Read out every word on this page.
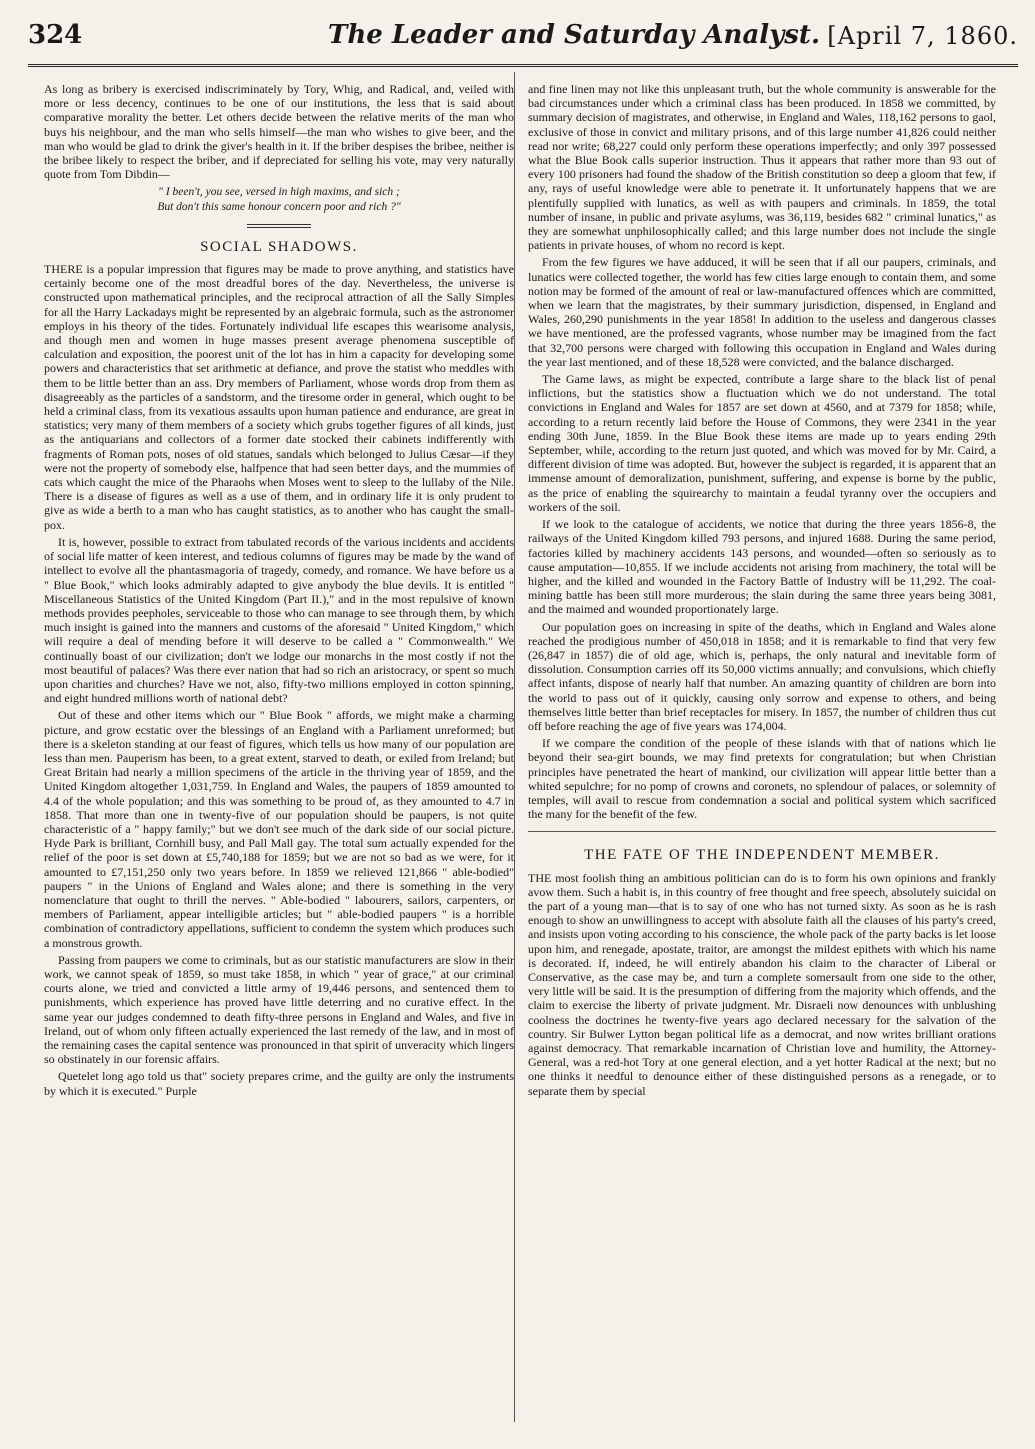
324	The Leader and Saturday Analyst. [April 7, 1860.

As long as bribery is exercised indiscriminately by Tory, Whig, and Radical, and, veiled with more or less decency, continues to be one of our institutions, the less that is said about comparative morality the better. Let others decide between the relative merits of the man who buys his neighbour, and the man who sells himself—the man who wishes to give beer, and the man who would be glad to drink the giver's health in it. If the briber despises the bribee, neither is the bribee likely to respect the briber, and if depreciated for selling his vote, may very naturally quote from Tom Dibdin—

" I been't, you see, versed in high maxims, and sich ;
But don't this same honour concern poor and rich ?"
SOCIAL SHADOWS.

THERE is a popular impression that figures may be made to prove anything, and statistics have certainly become one of the most dreadful bores of the day. Nevertheless, the universe is constructed upon mathematical principles, and the reciprocal attraction of all the Sally Simples for all the Harry Lackadays might be represented by an algebraic formula, such as the astronomer employs in his theory of the tides. Fortunately individual life escapes this wearisome analysis, and though men and women in huge masses present average phenomena susceptible of calculation and exposition, the poorest unit of the lot has in him a capacity for developing some powers and characteristics that set arithmetic at defiance, and prove the statist who meddles with them to be little better than an ass. Dry members of Parliament, whose words drop from them as disagreeably as the particles of a sandstorm, and the tiresome order in general, which ought to be held a criminal class, from its vexatious assaults upon human patience and endurance, are great in statistics; very many of them members of a society which grubs together figures of all kinds, just as the antiquarians and collectors of a former date stocked their cabinets indifferently with fragments of Roman pots, noses of old statues, sandals which belonged to Julius Cæsar—if they were not the property of somebody else, halfpence that had seen better days, and the mummies of cats which caught the mice of the Pharaohs when Moses went to sleep to the lullaby of the Nile. There is a disease of figures as well as a use of them, and in ordinary life it is only prudent to give as wide a berth to a man who has caught statistics, as to another who has caught the small-pox.

It is, however, possible to extract from tabulated records of the various incidents and accidents of social life matter of keen interest, and tedious columns of figures may be made by the wand of intellect to evolve all the phantasmagoria of tragedy, comedy, and romance. We have before us a " Blue Book," which looks admirably adapted to give anybody the blue devils. It is entitled " Miscellaneous Statistics of the United Kingdom (Part II.)," and in the most repulsive of known methods provides peepholes, serviceable to those who can manage to see through them, by which much insight is gained into the manners and customs of the aforesaid " United Kingdom," which will require a deal of mending before it will deserve to be called a " Commonwealth." We continually boast of our civilization; don't we lodge our monarchs in the most costly if not the most beautiful of palaces? Was there ever nation that had so rich an aristocracy, or spent so much upon charities and churches? Have we not, also, fifty-two millions employed in cotton spinning, and eight hundred millions worth of national debt?

Out of these and other items which our " Blue Book " affords, we might make a charming picture, and grow ecstatic over the blessings of an England with a Parliament unreformed; but there is a skeleton standing at our feast of figures, which tells us how many of our population are less than men. Pauperism has been, to a great extent, starved to death, or exiled from Ireland; but Great Britain had nearly a million specimens of the article in the thriving year of 1859, and the United Kingdom altogether 1,031,759. In England and Wales, the paupers of 1859 amounted to 4.4 of the whole population; and this was something to be proud of, as they amounted to 4.7 in 1858. That more than one in twenty-five of our population should be paupers, is not quite characteristic of a " happy family;" but we don't see much of the dark side of our social picture. Hyde Park is brilliant, Cornhill busy, and Pall Mall gay. The total sum actually expended for the relief of the poor is set down at £5,740,188 for 1859; but we are not so bad as we were, for it amounted to £7,151,250 only two years before. In 1859 we relieved 121,866 " able-bodied" paupers " in the Unions of England and Wales alone; and there is something in the very nomenclature that ought to thrill the nerves. " Able-bodied " labourers, sailors, carpenters, or members of Parliament, appear intelligible articles; but " able-bodied paupers " is a horrible combination of contradictory appellations, sufficient to condemn the system which produces such a monstrous growth.

Passing from paupers we come to criminals, but as our statistic manufacturers are slow in their work, we cannot speak of 1859, so must take 1858, in which " year of grace," at our criminal courts alone, we tried and convicted a little army of 19,446 persons, and sentenced them to punishments, which experience has proved have little deterring and no curative effect. In the same year our judges condemned to death fifty-three persons in England and Wales, and five in Ireland, out of whom only fifteen actually experienced the last remedy of the law, and in most of the remaining cases the capital sentence was pronounced in that spirit of unveracity which lingers so obstinately in our forensic affairs.

Quetelet long ago told us that" society prepares crime, and the guilty are only the instruments by which it is executed." Purple

and fine linen may not like this unpleasant truth, but the whole community is answerable for the bad circumstances under which a criminal class has been produced. In 1858 we committed, by summary decision of magistrates, and otherwise, in England and Wales, 118,162 persons to gaol, exclusive of those in convict and military prisons, and of this large number 41,826 could neither read nor write; 68,227 could only perform these operations imperfectly; and only 397 possessed what the Blue Book calls superior instruction. Thus it appears that rather more than 93 out of every 100 prisoners had found the shadow of the British constitution so deep a gloom that few, if any, rays of useful knowledge were able to penetrate it. It unfortunately happens that we are plentifully supplied with lunatics, as well as with paupers and criminals. In 1859, the total number of insane, in public and private asylums, was 36,119, besides 682 " criminal lunatics," as they are somewhat unphilosophically called; and this large number does not include the single patients in private houses, of whom no record is kept.

From the few figures we have adduced, it will be seen that if all our paupers, criminals, and lunatics were collected together, the world has few cities large enough to contain them, and some notion may be formed of the amount of real or law-manufactured offences which are committed, when we learn that the magistrates, by their summary jurisdiction, dispensed, in England and Wales, 260,290 punishments in the year 1858! In addition to the useless and dangerous classes we have mentioned, are the professed vagrants, whose number may be imagined from the fact that 32,700 persons were charged with following this occupation in England and Wales during the year last mentioned, and of these 18,528 were convicted, and the balance discharged.

The Game laws, as might be expected, contribute a large share to the black list of penal inflictions, but the statistics show a fluctuation which we do not understand. The total convictions in England and Wales for 1857 are set down at 4560, and at 7379 for 1858; while, according to a return recently laid before the House of Commons, they were 2341 in the year ending 30th June, 1859. In the Blue Book these items are made up to years ending 29th September, while, according to the return just quoted, and which was moved for by Mr. Caird, a different division of time was adopted. But, however the subject is regarded, it is apparent that an immense amount of demoralization, punishment, suffering, and expense is borne by the public, as the price of enabling the squirearchy to maintain a feudal tyranny over the occupiers and workers of the soil.

If we look to the catalogue of accidents, we notice that during the three years 1856-8, the railways of the United Kingdom killed 793 persons, and injured 1688. During the same period, factories killed by machinery accidents 143 persons, and wounded—often so seriously as to cause amputation—10,855. If we include accidents not arising from machinery, the total will be higher, and the killed and wounded in the Factory Battle of Industry will be 11,292. The coal-mining battle has been still more murderous; the slain during the same three years being 3081, and the maimed and wounded proportionately large.

Our population goes on increasing in spite of the deaths, which in England and Wales alone reached the prodigious number of 450,018 in 1858; and it is remarkable to find that very few (26,847 in 1857) die of old age, which is, perhaps, the only natural and inevitable form of dissolution. Consumption carries off its 50,000 victims annually; and convulsions, which chiefly affect infants, dispose of nearly half that number. An amazing quantity of children are born into the world to pass out of it quickly, causing only sorrow and expense to others, and being themselves little better than brief receptacles for misery. In 1857, the number of children thus cut off before reaching the age of five years was 174,004.

If we compare the condition of the people of these islands with that of nations which lie beyond their sea-girt bounds, we may find pretexts for congratulation; but when Christian principles have penetrated the heart of mankind, our civilization will appear little better than a whited sepulchre; for no pomp of crowns and coronets, no splendour of palaces, or solemnity of temples, will avail to rescue from condemnation a social and political system which sacrificed the many for the benefit of the few.

THE FATE OF THE INDEPENDENT MEMBER.

THE most foolish thing an ambitious politician can do is to form his own opinions and frankly avow them. Such a habit is, in this country of free thought and free speech, absolutely suicidal on the part of a young man—that is to say of one who has not turned sixty. As soon as he is rash enough to show an unwillingness to accept with absolute faith all the clauses of his party's creed, and insists upon voting according to his conscience, the whole pack of the party backs is let loose upon him, and renegade, apostate, traitor, are amongst the mildest epithets with which his name is decorated. If, indeed, he will entirely abandon his claim to the character of Liberal or Conservative, as the case may be, and turn a complete somersault from one side to the other, very little will be said. It is the presumption of differing from the majority which offends, and the claim to exercise the liberty of private judgment. Mr. Disraeli now denounces with unblushing coolness the doctrines he twenty-five years ago declared necessary for the salvation of the country. Sir Bulwer Lytton began political life as a democrat, and now writes brilliant orations against democracy. That remarkable incarnation of Christian love and humility, the Attorney-General, was a red-hot Tory at one general election, and a yet hotter Radical at the next; but no one thinks it needful to denounce either of these distinguished persons as a renegade, or to separate them by special
